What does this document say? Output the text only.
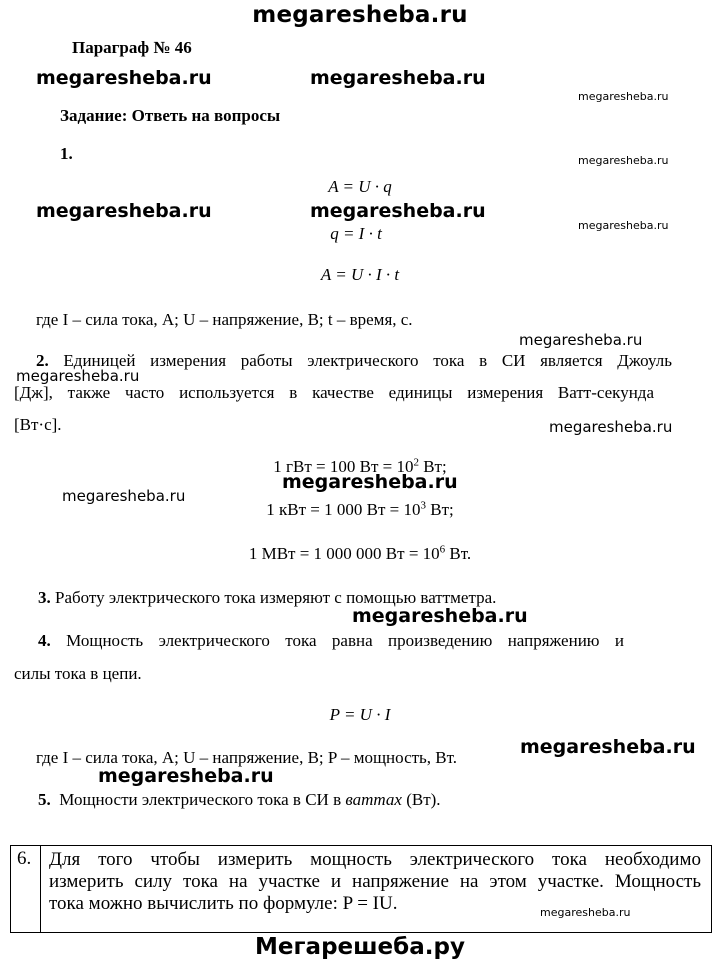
megaresheba.ru
Параграф № 46
Задание: Ответь на вопросы
1.
A = U · q
q = I · t
A = U · I · t
где I – сила тока, А; U – напряжение, В; t – время, с.
2. Единицей измерения работы электрического тока в СИ является Джоуль
[Дж], также часто используется в качестве единицы измерения Ватт-секунда
[Вт·с].
1 гВт = 100 Вт = $10^2$ Вт;
1 кВт = 1 000 Вт = $10^3$ Вт;
1 МВт = 1 000 000 Вт = $10^6$ Вт.
3. Работу электрического тока измеряют с помощью ваттметра.
4. Мощность электрического тока равна произведению напряжению и
силы тока в цепи.
P = U · I
где I – сила тока, А; U – напряжение, В; P – мощность, Вт.
5. Мощности электрического тока в СИ в ваттах (Вт).
6. Для того чтобы измерить мощность электрического тока необходимо
измерить силу тока на участке и напряжение на этом участке. Мощность
тока можно вычислить по формуле: P = IU.
megaresheba.ru	megaresheba.ru
megaresheba.ru	megaresheba.ru
megaresheba.ru
megaresheba.ru
megaresheba.ru
megaresheba.ru
megaresheba.ru
megaresheba.ru
megaresheba.ru
megaresheba.ru
megaresheba.ru
megaresheba.ru
megaresheba.ru
megaresheba.ru
Мегарешеба.ру
